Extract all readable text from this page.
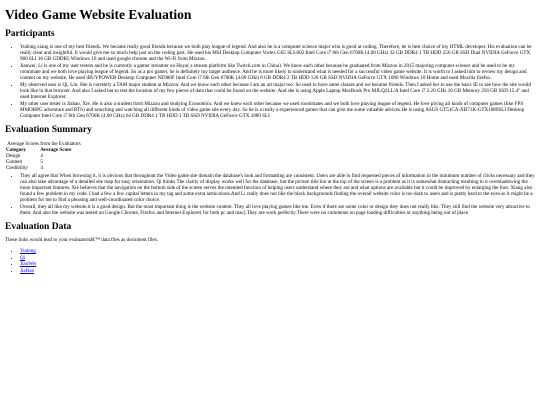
Video Game Website Evaluation
Participants
• Yudong.xiang is one of my best friends. We became really good friends because we both play league of legend. And also he is a computer science major who is good at coding. Therefore, he is best choice of my HTML developer. His evaluation can be really clear and insightful. It would give me so much help just on the coding part. He used his MSI Desktop Computer Vortex G65 SLI-002 Intel Core i7 6th Gen 6700K (4.00 GHz) 32 GB DDR4 1 TB HDD 256 GB SSD Dual NVIDIA GeForce GTX 980 SLI 16 GB GDDR5 Windows 10 and used google chrome and the Wi-Fi from Mizzou.
• Jianwei, Li is one of my user testers and he is currently a gamer streamer on Huya( a stream platform like Twitch.com in China). We knew each other because he graduated from Mizzou in 2015 majoring computer science and he used to be my roommate and we both love playing league of legend. So as a pro gamer, he is definitely my target audience. And he is more likely to understand what is needed for a successful video game website. It is worth to I asked him to review my design and content on my website. He used iBUYPOWER Desktop Computer NE980F Intel Core i7 6th Gen 6700K (4.00 GHz) 8 GB DDR4 2 TB HDD 120 GB SSD NVIDIA GeForce GTX 1080 Windows 10 Home and used Mozilla firefox.
• My observed user is Qi, Lin. She is currently a TAM major student at Mizzou. And we know each other because I am an art major too. So used to have same classes and we became friends. Then I asked her to use the basic IE to see how the site would look like in that browser. And also I asked her to test the location of my few pieces of data that could be found on the website. And she is using Apple Laptop MacBook Pro MJLQ2LL/A Intel Core i7 2.20 GHz 16 GB Memory 256 GB SSD 15.4" and used Internet Explorer.
• My other user tester is Jiahao, Xie. He is also a student form Mizzou and studying Economics. And we knew each other because we used roommates and we both love playing league of legend. He love plying all kinds of computer games (like FPS MMORPG adventure and RTS) and searching and watching all different kinds of video game site every day. So he is a really a experienced gamer that can give me some valuable advices.He is using ASUS GT51CA-XB71K-GTX1080SLI Desktop Computer Intel Core i7 6th Gen 6700K (4.00 GHz) 64 GB DDR4 1 TB HDD 1 TB SSD NVIDIA GeForce GTX 1080 SLI
Evaluation Summary
Average Scores from the Evaluators
Category	Average Score
Design	4
Content	5
Credibility	4
• They all agree that When browsing it, it is obvious that throughout the Video game site domain the database's look and formatting are consistent. Users are able to find requested pieces of information in the minimum number of clicks necessary and they can also take advantage of a detailed site map for easy orientation. Qi thinks The clarity of display works well for the database, but the picture title bar at the top of the screen is a problem as it is somewhat distracting resulting in it overshadowing the more important features. Xie believes that the navigation on the bottom side of the screen serves the intended function of helping users understand where they are and what options are available but it could be improved by enlarging the font. Xiang also found a few problem in my code. I had a few a few capital letters in my tag and some extra semicolons.And Li really does not like the black backgrounds finding the overall website color is too dark to users and is pretty hard to the eyes.so it might be a problem for me to find a pleasing and well-coordinated color choice.
• Overall, they all like my website.it is a good design. But the most important thing is the website content. They all love playing games like me. Even if there are some color or design they does not really like. They still find the website very attractive to them. And also the website was tested on Google Chrome, Firefox and Internet Explorer( for both pc and mac).They are work perfectly.There were no comments on page loading difficulties or anything being out of place.
Evaluation Data

These links would lead to your evaluatorsâ€™ data files as document files.

• Yudong
• Qi
• JianWei
• JiaHao
